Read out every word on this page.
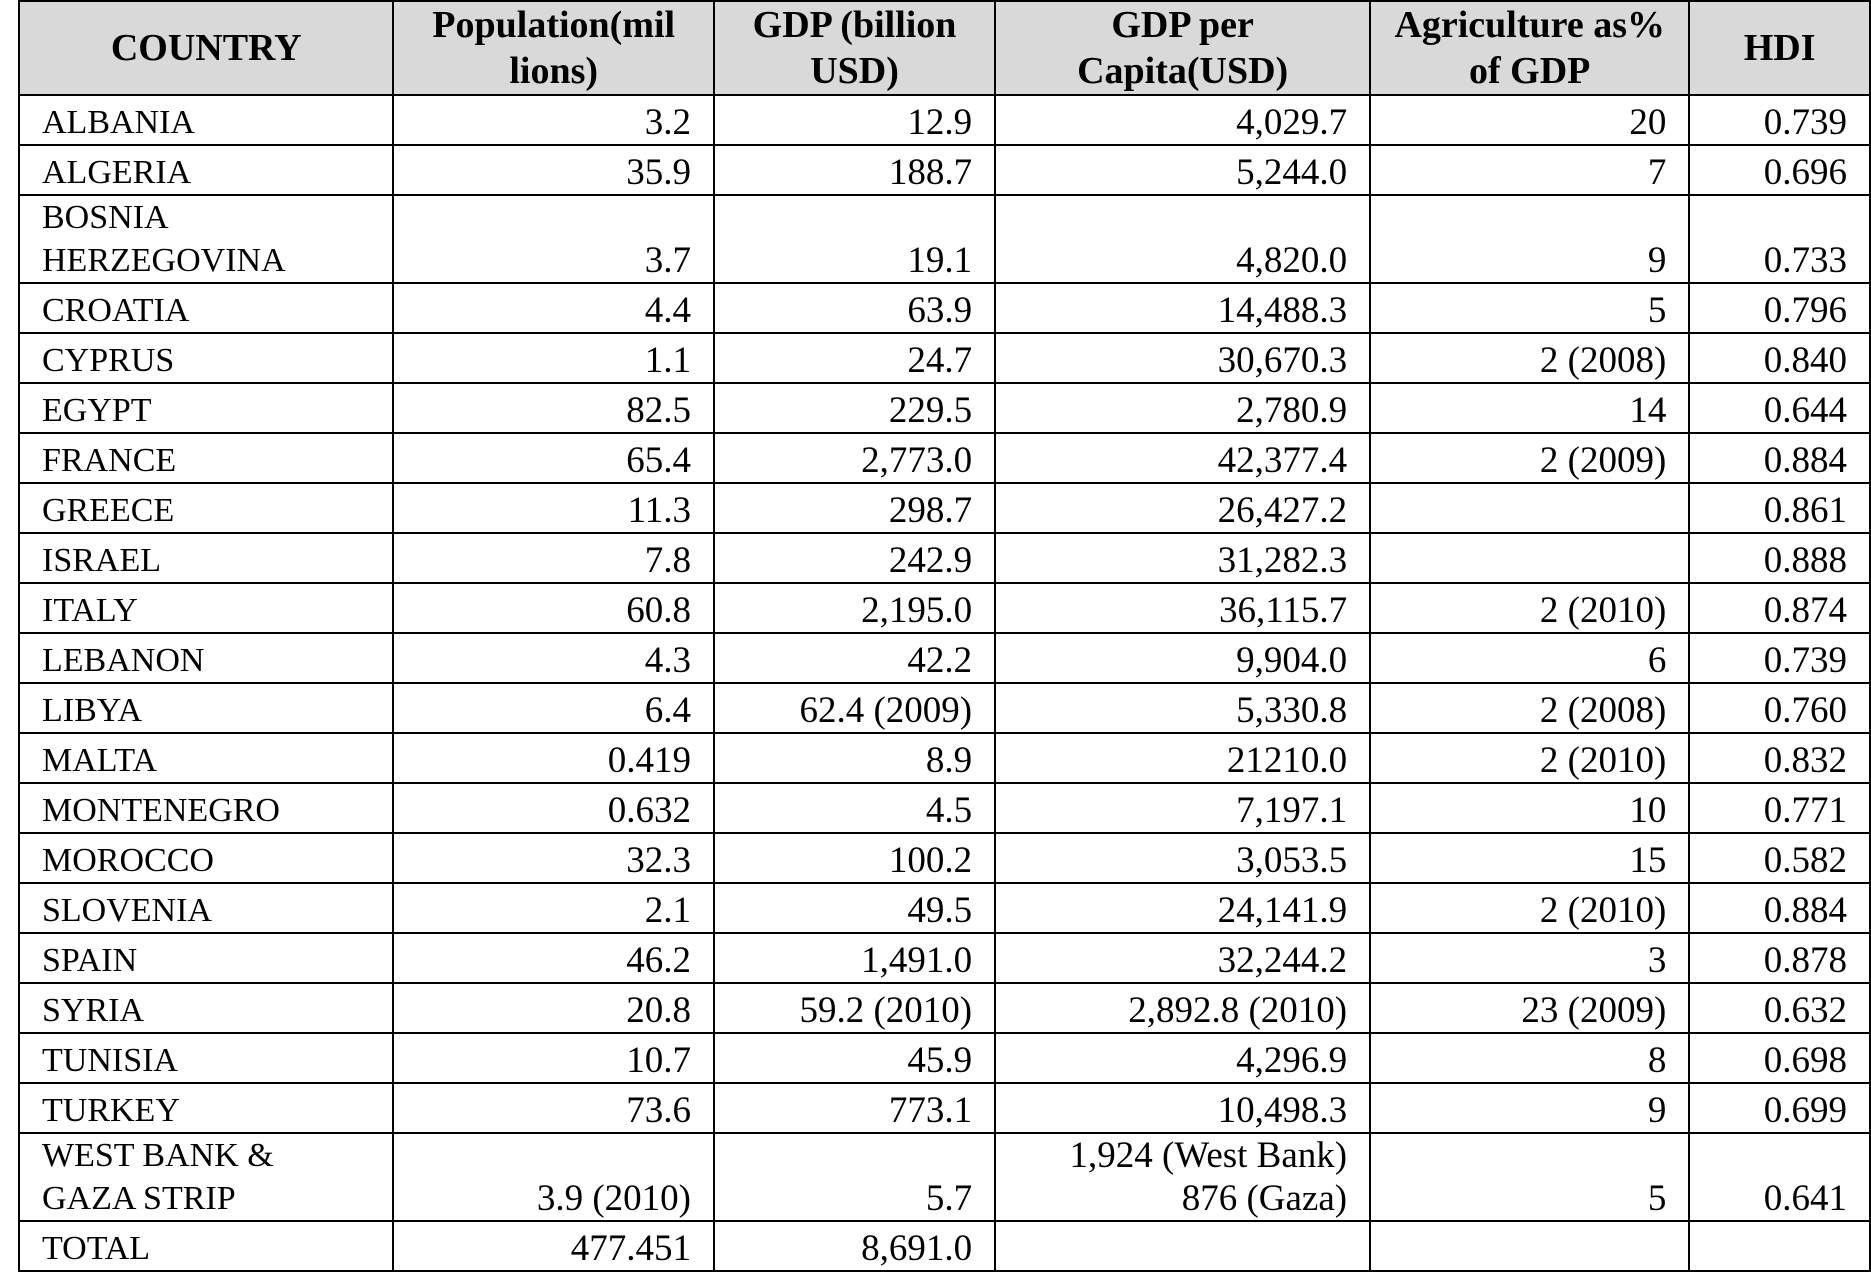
COUNTRY	Population(mil lions)	GDP (billion USD)	GDP per Capita(USD)	Agriculture as% of GDP	HDI
ALBANIA	3.2	12.9	4,029.7	20	0.739
ALGERIA	35.9	188.7	5,244.0	7	0.696
BOSNIA HERZEGOVINA	3.7	19.1	4,820.0	9	0.733
CROATIA	4.4	63.9	14,488.3	5	0.796
CYPRUS	1.1	24.7	30,670.3	2 (2008)	0.840
EGYPT	82.5	229.5	2,780.9	14	0.644
FRANCE	65.4	2,773.0	42,377.4	2 (2009)	0.884
GREECE	11.3	298.7	26,427.2		0.861
ISRAEL	7.8	242.9	31,282.3		0.888
ITALY	60.8	2,195.0	36,115.7	2 (2010)	0.874
LEBANON	4.3	42.2	9,904.0	6	0.739
LIBYA	6.4	62.4 (2009)	5,330.8	2 (2008)	0.760
MALTA	0.419	8.9	21210.0	2 (2010)	0.832
MONTENEGRO	0.632	4.5	7,197.1	10	0.771
MOROCCO	32.3	100.2	3,053.5	15	0.582
SLOVENIA	2.1	49.5	24,141.9	2 (2010)	0.884
SPAIN	46.2	1,491.0	32,244.2	3	0.878
SYRIA	20.8	59.2 (2010)	2,892.8 (2010)	23 (2009)	0.632
TUNISIA	10.7	45.9	4,296.9	8	0.698
TURKEY	73.6	773.1	10,498.3	9	0.699
WEST BANK & GAZA STRIP	3.9 (2010)	5.7	1,924 (West Bank) 876 (Gaza)	5	0.641
TOTAL	477.451	8,691.0			
